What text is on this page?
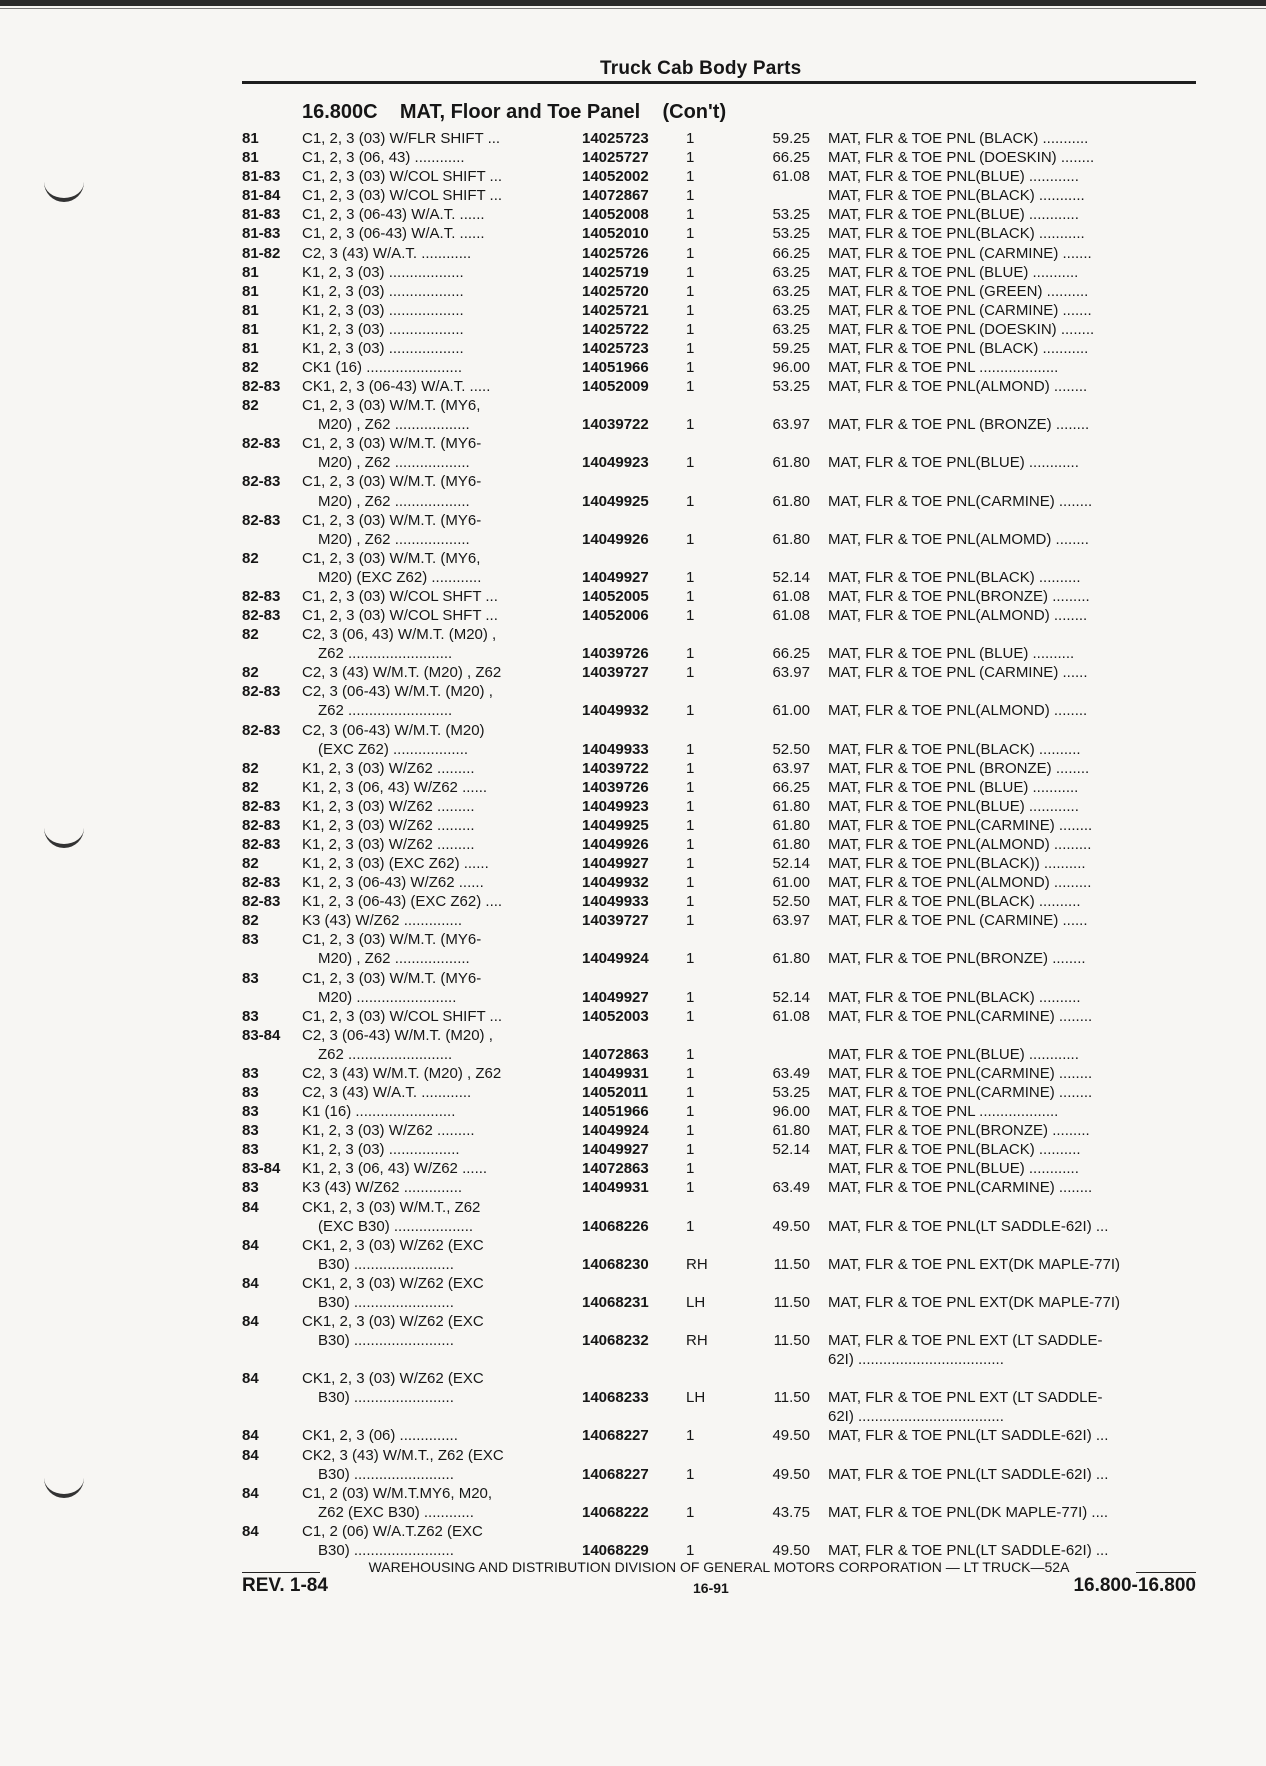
Truck Cab Body Parts
16.800C MAT, Floor and Toe Panel (Con't)
81	C1, 2, 3 (03) W/FLR SHIFT ...	14025723 1	59.25 MAT, FLR & TOE PNL (BLACK) ...........
81	C1, 2, 3 (06, 43) ............	14025727 1	66.25 MAT, FLR & TOE PNL (DOESKIN) ........
81-83 C1, 2, 3 (03) W/COL SHIFT ...	14052002 1	61.08 MAT, FLR & TOE PNL(BLUE) ............
81-84 C1, 2, 3 (03) W/COL SHIFT ...	14072867 1	MAT, FLR & TOE PNL(BLACK) ...........
81-83 C1, 2, 3 (06-43) W/A.T. ......	14052008 1	53.25 MAT, FLR & TOE PNL(BLUE) ............
81-83 C1, 2, 3 (06-43) W/A.T. ......	14052010 1	53.25 MAT, FLR & TOE PNL(BLACK) ...........
81-82 C2, 3 (43) W/A.T. ............	14025726 1	66.25 MAT, FLR & TOE PNL (CARMINE) .......
81	K1, 2, 3 (03) ..................	14025719 1	63.25 MAT, FLR & TOE PNL (BLUE) ...........
81	K1, 2, 3 (03) ..................	14025720 1	63.25 MAT, FLR & TOE PNL (GREEN) ..........
81	K1, 2, 3 (03) ..................	14025721 1	63.25 MAT, FLR & TOE PNL (CARMINE) .......
81	K1, 2, 3 (03) ..................	14025722 1	63.25 MAT, FLR & TOE PNL (DOESKIN) ........
81	K1, 2, 3 (03) ..................	14025723 1	59.25 MAT, FLR & TOE PNL (BLACK) ...........
82	CK1 (16) .......................	14051966 1	96.00 MAT, FLR & TOE PNL ...................
82-83 CK1, 2, 3 (06-43) W/A.T. .....	14052009 1	53.25 MAT, FLR & TOE PNL(ALMOND) ........
82	C1, 2, 3 (03) W/M.T. (MY6,
M20) , Z62 ..................	14039722 1	63.97 MAT, FLR & TOE PNL (BRONZE) ........
82-83 C1, 2, 3 (03) W/M.T. (MY6-
M20) , Z62 ..................	14049923 1	61.80 MAT, FLR & TOE PNL(BLUE) ............
82-83 C1, 2, 3 (03) W/M.T. (MY6-
M20) , Z62 ..................	14049925 1	61.80 MAT, FLR & TOE PNL(CARMINE) ........
82-83 C1, 2, 3 (03) W/M.T. (MY6-
M20) , Z62 ..................	14049926 1	61.80 MAT, FLR & TOE PNL(ALMOMD) ........
82	C1, 2, 3 (03) W/M.T. (MY6,
M20) (EXC Z62) ............	14049927 1	52.14 MAT, FLR & TOE PNL(BLACK) ..........
82-83 C1, 2, 3 (03) W/COL SHFT ...	14052005 1	61.08 MAT, FLR & TOE PNL(BRONZE) .........
82-83 C1, 2, 3 (03) W/COL SHFT ...	14052006 1	61.08 MAT, FLR & TOE PNL(ALMOND) ........
82	C2, 3 (06, 43) W/M.T. (M20) ,
Z62 .........................	14039726 1	66.25 MAT, FLR & TOE PNL (BLUE) ..........
82	C2, 3 (43) W/M.T. (M20) , Z62	14039727 1	63.97 MAT, FLR & TOE PNL (CARMINE) ......
82-83 C2, 3 (06-43) W/M.T. (M20) ,
Z62 .........................	14049932 1	61.00 MAT, FLR & TOE PNL(ALMOND) ........
82-83 C2, 3 (06-43) W/M.T. (M20)
(EXC Z62) ..................	14049933 1	52.50 MAT, FLR & TOE PNL(BLACK) ..........
82	K1, 2, 3 (03) W/Z62 .........	14039722 1	63.97 MAT, FLR & TOE PNL (BRONZE) ........
82	K1, 2, 3 (06, 43) W/Z62 ......	14039726 1	66.25 MAT, FLR & TOE PNL (BLUE) ...........
82-83 K1, 2, 3 (03) W/Z62 .........	14049923 1	61.80 MAT, FLR & TOE PNL(BLUE) ............
82-83 K1, 2, 3 (03) W/Z62 .........	14049925 1	61.80 MAT, FLR & TOE PNL(CARMINE) ........
82-83 K1, 2, 3 (03) W/Z62 .........	14049926 1	61.80 MAT, FLR & TOE PNL(ALMOND) .........
82	K1, 2, 3 (03) (EXC Z62) ......	14049927 1	52.14 MAT, FLR & TOE PNL(BLACK)) ..........
82-83 K1, 2, 3 (06-43) W/Z62 ......	14049932 1	61.00 MAT, FLR & TOE PNL(ALMOND) .........
82-83 K1, 2, 3 (06-43) (EXC Z62) ....	14049933 1	52.50 MAT, FLR & TOE PNL(BLACK) ..........
82	K3 (43) W/Z62 ..............	14039727 1	63.97 MAT, FLR & TOE PNL (CARMINE) ......
83	C1, 2, 3 (03) W/M.T. (MY6-
M20) , Z62 ..................	14049924 1	61.80 MAT, FLR & TOE PNL(BRONZE) ........
83	C1, 2, 3 (03) W/M.T. (MY6-
M20) ........................	14049927 1	52.14 MAT, FLR & TOE PNL(BLACK) ..........
83	C1, 2, 3 (03) W/COL SHIFT ...	14052003 1	61.08 MAT, FLR & TOE PNL(CARMINE) ........
83-84 C2, 3 (06-43) W/M.T. (M20) ,
Z62 .........................	14072863 1	MAT, FLR & TOE PNL(BLUE) ............
83	C2, 3 (43) W/M.T. (M20) , Z62	14049931 1	63.49 MAT, FLR & TOE PNL(CARMINE) ........
83	C2, 3 (43) W/A.T. ............	14052011	1	53.25 MAT, FLR & TOE PNL(CARMINE) ........
83	K1 (16) ........................	14051966 1	96.00 MAT, FLR & TOE PNL ...................
83	K1, 2, 3 (03) W/Z62 .........	14049924 1	61.80 MAT, FLR & TOE PNL(BRONZE) .........
83	K1, 2, 3 (03) .................	14049927 1	52.14 MAT, FLR & TOE PNL(BLACK) ..........
83-84 K1, 2, 3 (06, 43) W/Z62 ......	14072863 1	MAT, FLR & TOE PNL(BLUE) ............
83	K3 (43) W/Z62 ..............	14049931 1	63.49 MAT, FLR & TOE PNL(CARMINE) ........
84	CK1, 2, 3 (03) W/M.T., Z62
(EXC B30) ...................	14068226 1	49.50 MAT, FLR & TOE PNL(LT SADDLE-62I) ...
84	CK1, 2, 3 (03) W/Z62 (EXC
B30) ........................	14068230 RH	11.50 MAT, FLR & TOE PNL EXT(DK MAPLE-77I)
84	CK1, 2, 3 (03) W/Z62 (EXC
B30) ........................	14068231 LH	11.50 MAT, FLR & TOE PNL EXT(DK MAPLE-77I)
84	CK1, 2, 3 (03) W/Z62 (EXC
B30) ........................	14068232 RH	11.50 MAT, FLR & TOE PNL EXT (LT SADDLE-
62I) ...................................
84	CK1, 2, 3 (03) W/Z62 (EXC
B30) ........................	14068233 LH	11.50 MAT, FLR & TOE PNL EXT (LT SADDLE-
62I) ...................................
84	CK1, 2, 3 (06) ..............	14068227 1	49.50 MAT, FLR & TOE PNL(LT SADDLE-62I) ...
84	CK2, 3 (43) W/M.T., Z62 (EXC
B30) ........................	14068227 1	49.50 MAT, FLR & TOE PNL(LT SADDLE-62I) ...
84	C1, 2 (03) W/M.T.MY6, M20,
Z62 (EXC B30) ............	14068222 1	43.75 MAT, FLR & TOE PNL(DK MAPLE-77I) ....
84	C1, 2 (06) W/A.T.Z62 (EXC
B30) ........................	14068229 1	49.50 MAT, FLR & TOE PNL(LT SADDLE-62I) ...
WAREHOUSING AND DISTRIBUTION DIVISION OF GENERAL MOTORS CORPORATION — LT TRUCK—52A
REV. 1-84	16-91	16.800-16.800
